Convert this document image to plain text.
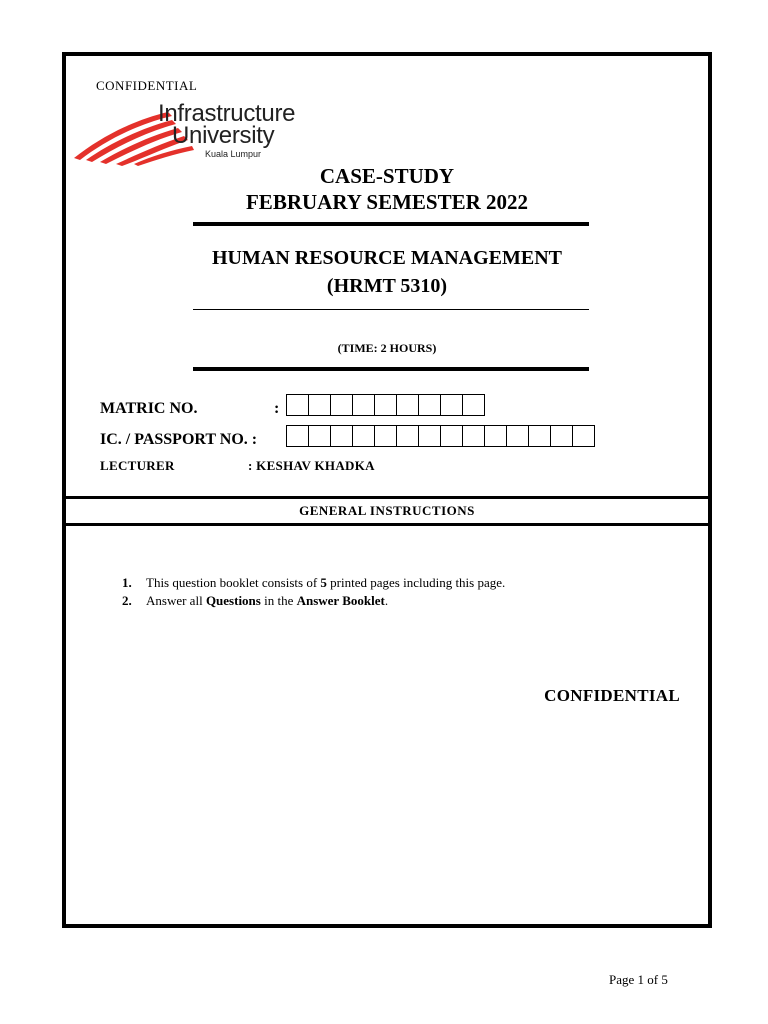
CONFIDENTIAL
Infrastructure
University
Kuala Lumpur
CASE-STUDY
FEBRUARY SEMESTER 2022
HUMAN RESOURCE MANAGEMENT
(HRMT 5310)
(TIME: 2 HOURS)
MATRIC NO.	:
IC. / PASSPORT NO. :
LECTURER	: KESHAV KHADKA
GENERAL INSTRUCTIONS
1. This question booklet consists of 5 printed pages including this page.
2. Answer all Questions in the Answer Booklet.
CONFIDENTIAL
Page 1 of 5
